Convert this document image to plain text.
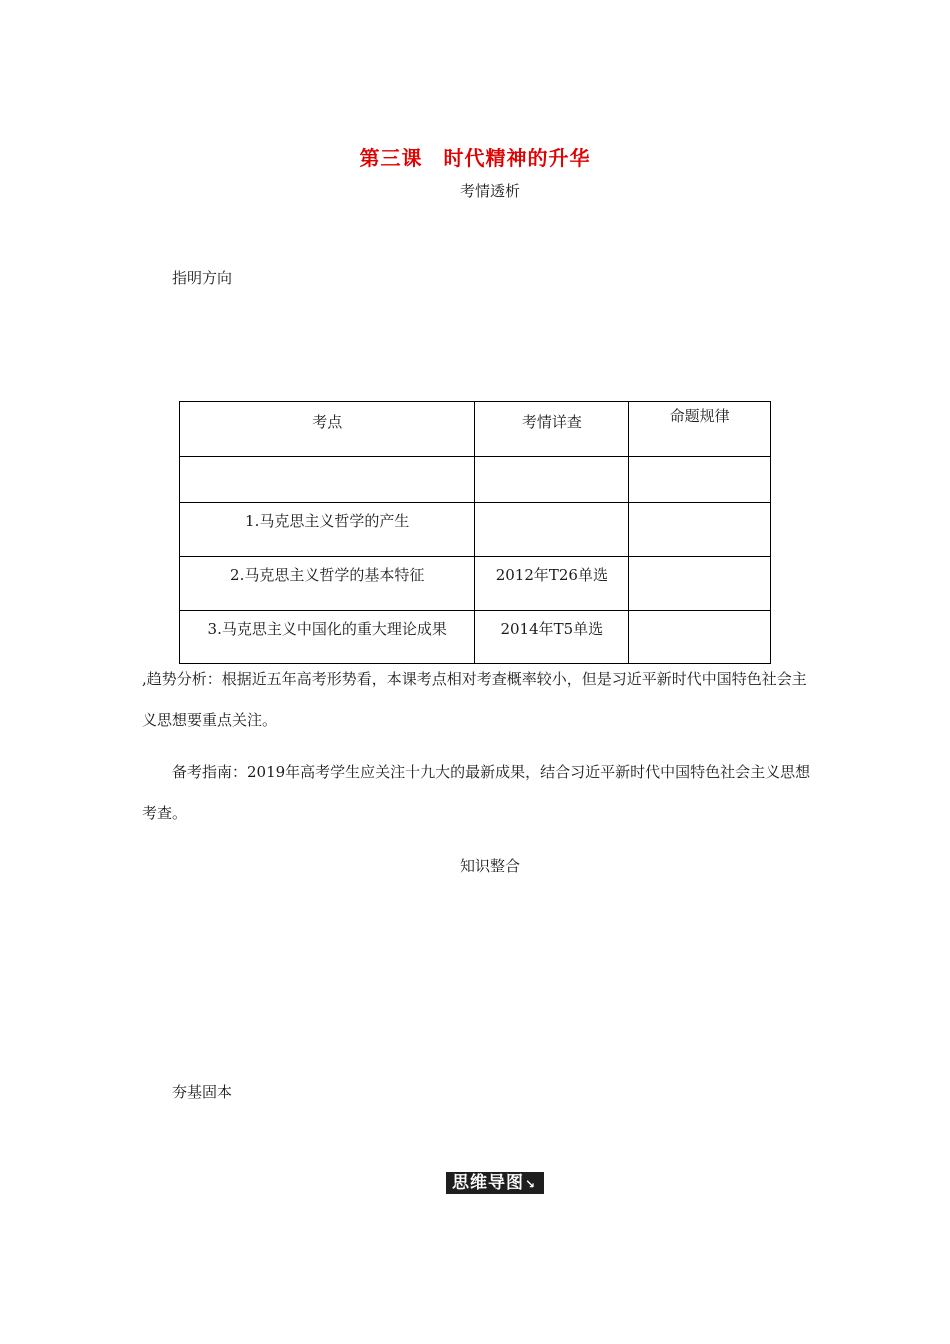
第三课　时代精神的升华
考情透析
指明方向
考点	考情详查	命题规律

1.马克思主义哲学的产生		
2.马克思主义哲学的基本特征	2012年T26单选	
3.马克思主义中国化的重大理论成果	2014年T5单选	
,趋势分析：根据近五年高考形势看，本课考点相对考查概率较小，但是习近平新时代中国特色社会主义思想要重点关注。
备考指南：2019年高考学生应关注十九大的最新成果，结合习近平新时代中国特色社会主义思想考查。
知识整合
夯基固本
思维导图↘
